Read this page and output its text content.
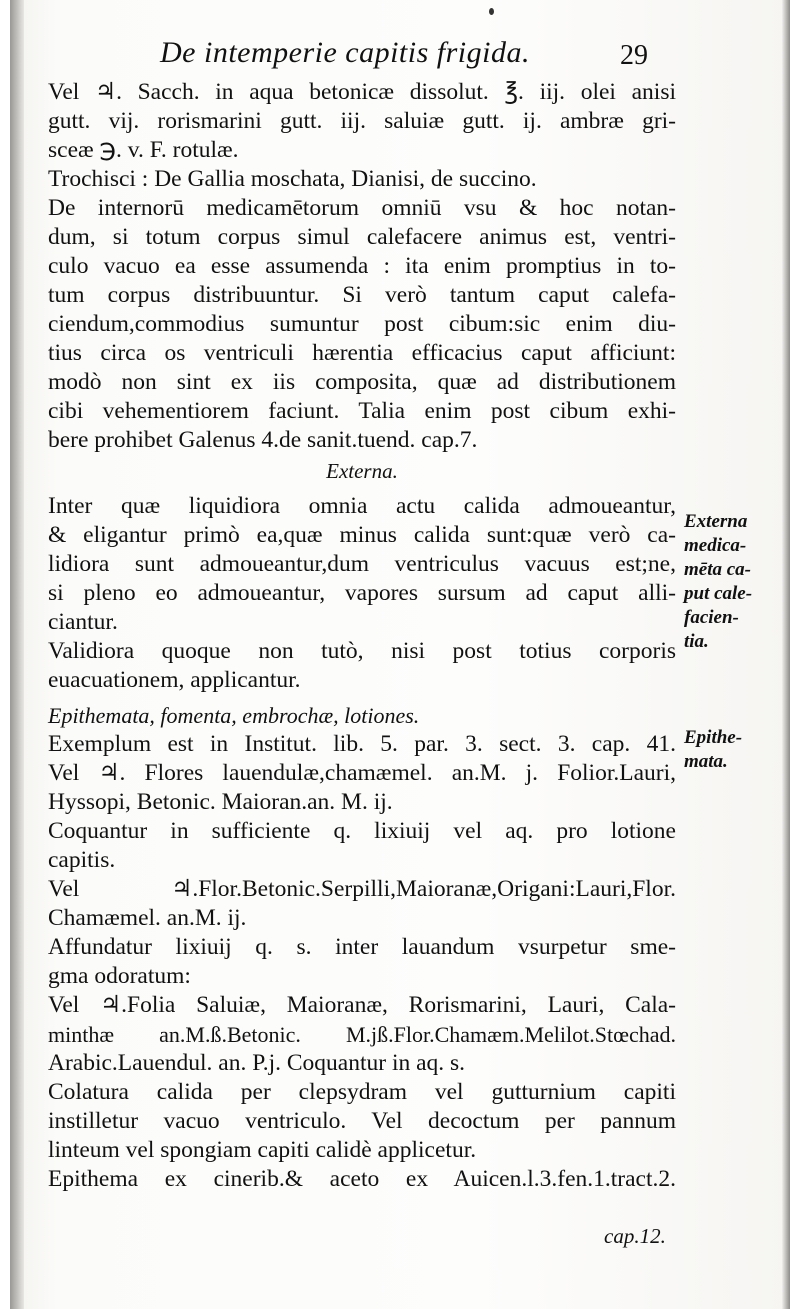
De intemperie capitis frigida.	29
Vel ♃. Sacch. in aqua betonicæ dissolut. ℥. iij. olei anisi
gutt. vij. rorismarini gutt. iij. saluiæ gutt. ij. ambræ gri-
sceæ ℈. v. F. rotulæ.
Trochisci : De Gallia moschata, Dianisi, de succino.
De internorū medicamētorum omniū vsu & hoc notan-
dum, si totum corpus simul calefacere animus est, ventri-
culo vacuo ea esse assumenda : ita enim promptius in to-
tum corpus distribuuntur. Si verò tantum caput calefa-
ciendum,commodius sumuntur post cibum:sic enim diu-
tius circa os ventriculi hærentia efficacius caput afficiunt:
modò non sint ex iis composita, quæ ad distributionem
cibi vehementiorem faciunt. Talia enim post cibum exhi-
bere prohibet Galenus 4.de sanit.tuend. cap.7.
Externa.
Inter quæ liquidiora omnia actu calida admoueantur,
& eligantur primò ea,quæ minus calida sunt:quæ verò ca-
lidiora sunt admoueantur,dum ventriculus vacuus est;ne,
si pleno eo admoueantur, vapores sursum ad caput alli-
ciantur.
Validiora quoque non tutò, nisi post totius corporis
euacuationem, applicantur.
Epithemata, fomenta, embrochæ, lotiones.
Exemplum est in Institut. lib. 5. par. 3. sect. 3. cap. 41.
Vel ♃. Flores lauendulæ,chamæmel. an.M. j. Folior.Lauri,
Hyssopi, Betonic. Maioran.an. M. ij.
Coquantur in sufficiente q. lixiuij vel aq. pro lotione
capitis.
Vel ♃.Flor.Betonic.Serpilli,Maioranæ,Origani:Lauri,Flor.
Chamæmel. an.M. ij.
Affundatur lixiuij q. s. inter lauandum vsurpetur sme-
gma odoratum:
Vel ♃.Folia Saluiæ, Maioranæ, Rorismarini, Lauri, Cala-
minthæ an.M.ß.Betonic. M.jß.Flor.Chamæm.Melilot.Stœchad.
Arabic.Lauendul. an. P.j. Coquantur in aq. s.
Colatura calida per clepsydram vel gutturnium capiti
instilletur vacuo ventriculo. Vel decoctum per pannum
linteum vel spongiam capiti calidè applicetur.
Epithema ex cinerib.& aceto ex Auicen.l.3.fen.1.tract.2.
Externa
medica-
mēta ca-
put cale-
facien-
tia.
Epithe-
mata.
cap.12.
